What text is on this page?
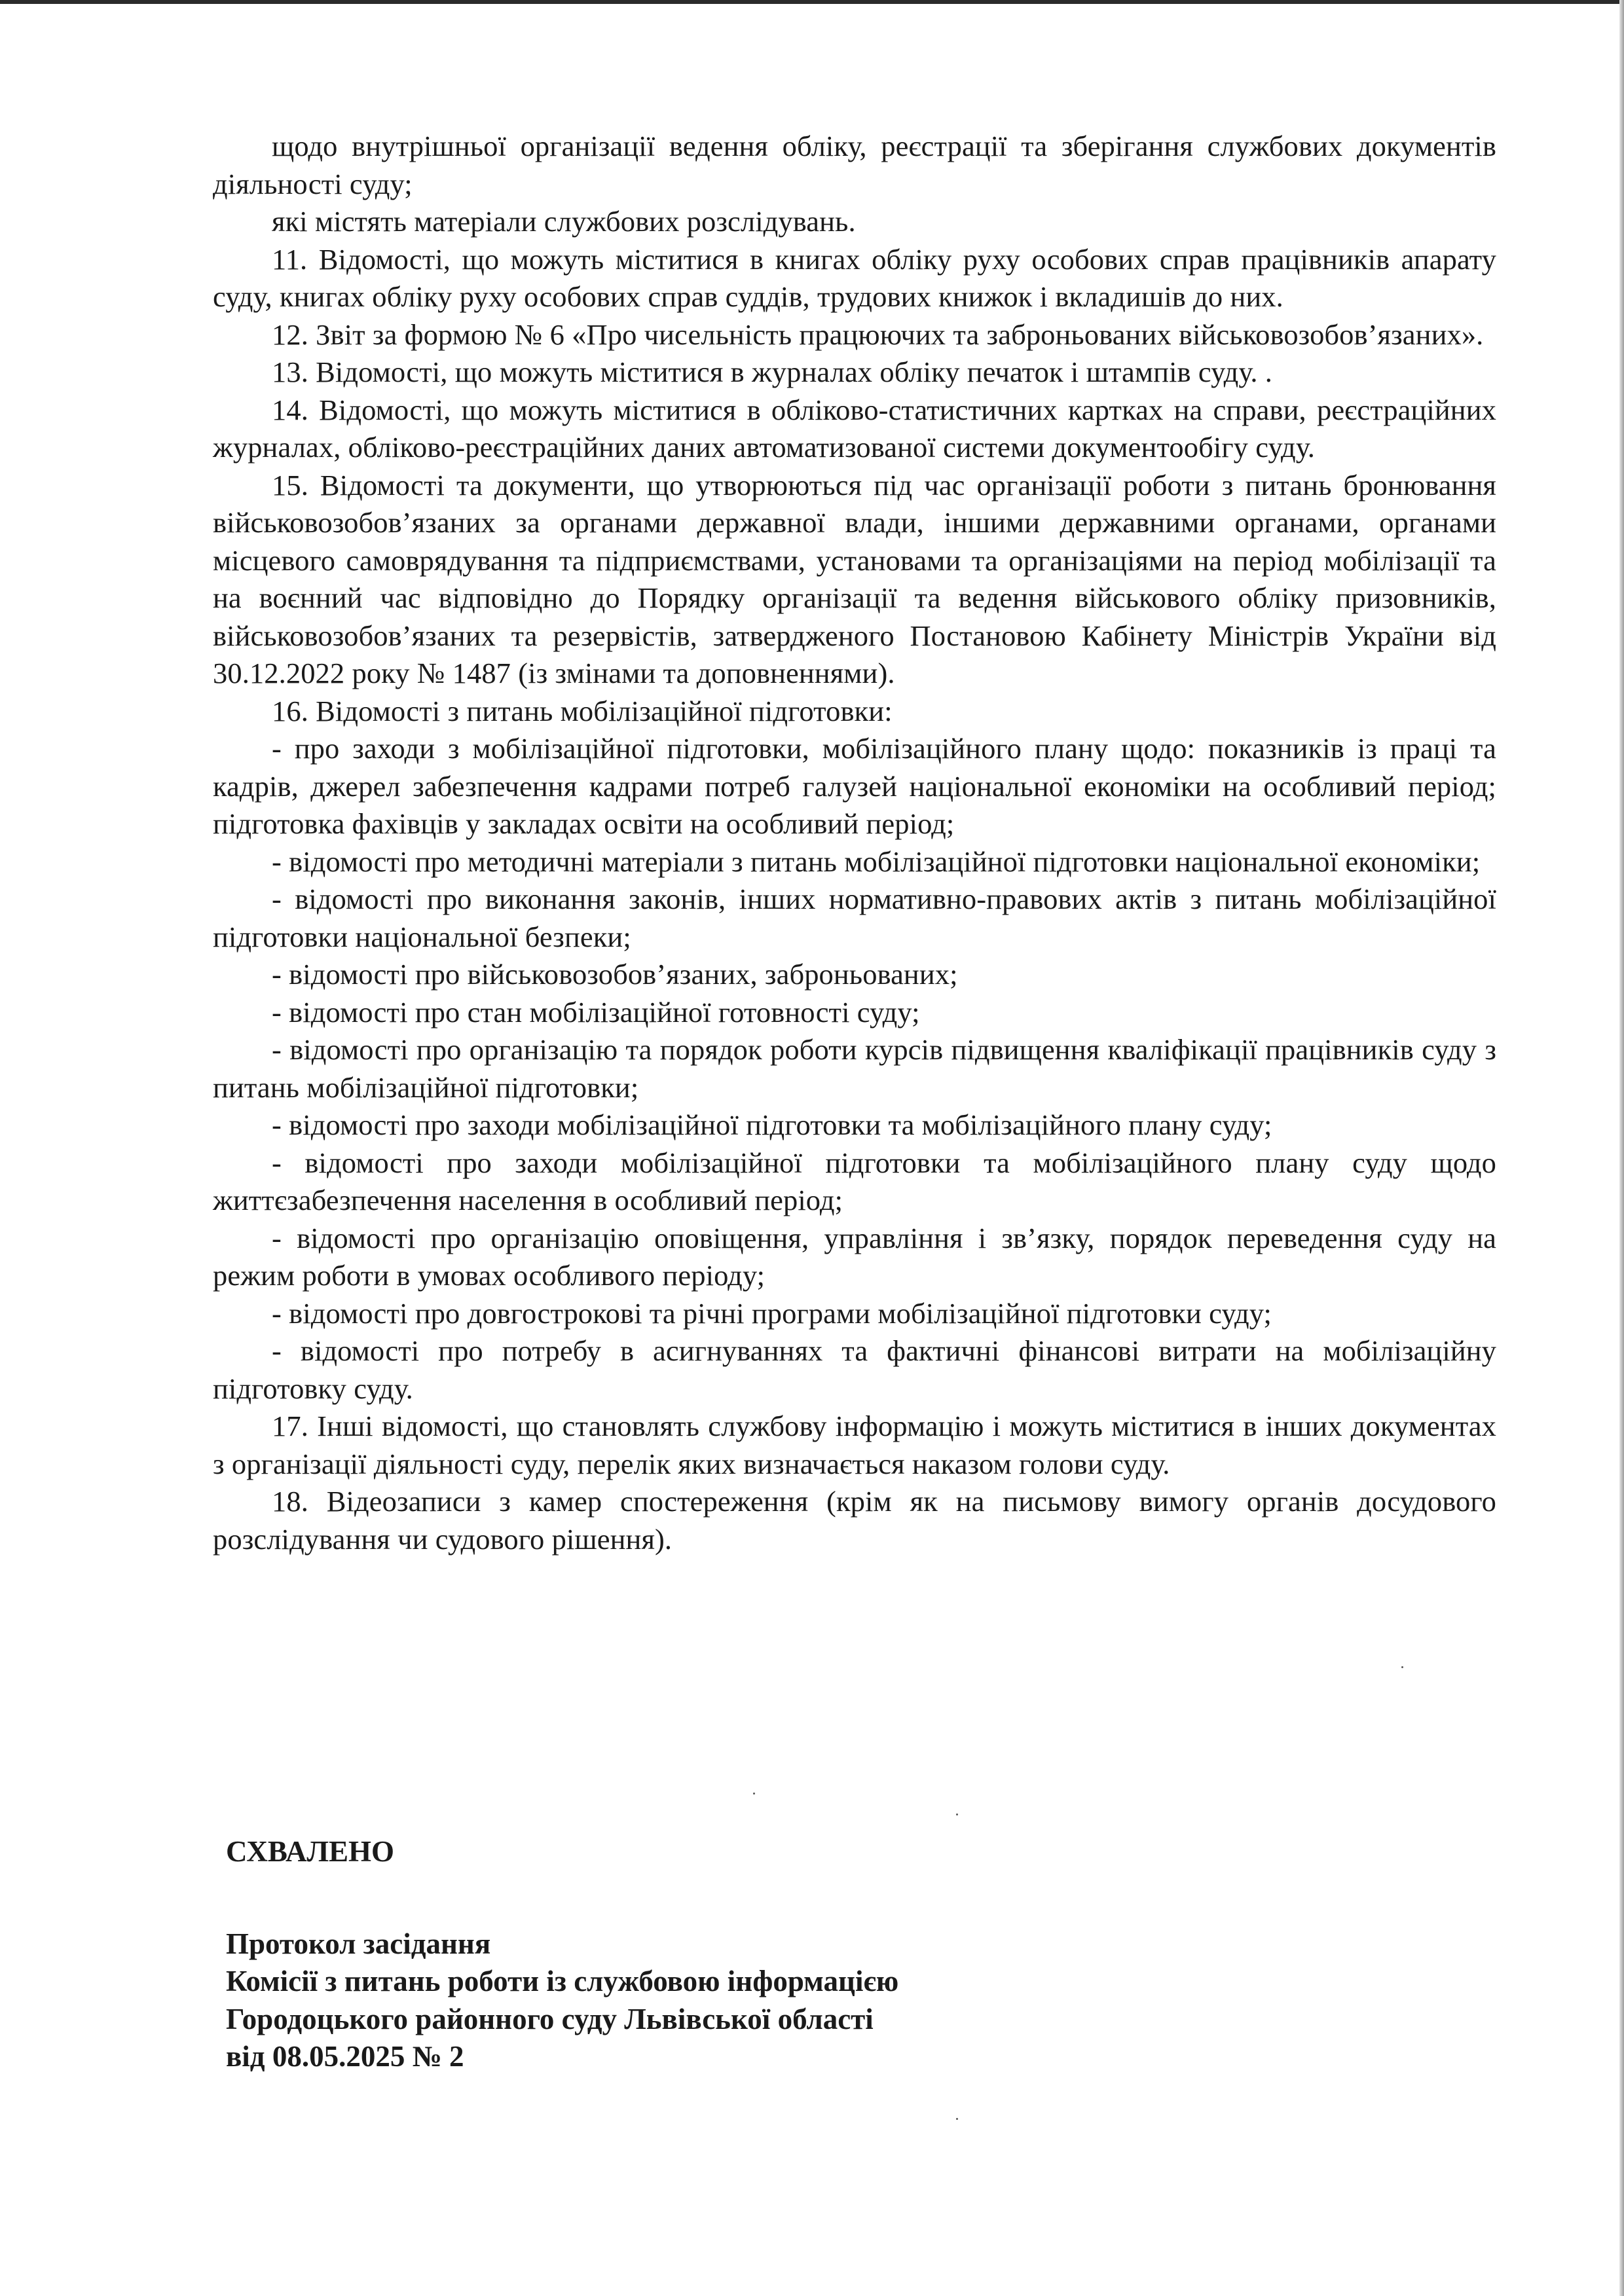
щодо внутрішньої організації ведення обліку, реєстрації та зберігання службових документів діяльності суду;

які містять матеріали службових розслідувань.

11. Відомості, що можуть міститися в книгах обліку руху особових справ працівників апарату суду, книгах обліку руху особових справ суддів, трудових книжок і вкладишів до них.

12. Звіт за формою № 6 «Про чисельність працюючих та заброньованих військовозобов’язаних».

13. Відомості, що можуть міститися в журналах обліку печаток і штампів суду. .

14. Відомості, що можуть міститися в обліково-статистичних картках на справи, реєстраційних журналах, обліково-реєстраційних даних автоматизованої системи документообігу суду.

15. Відомості та документи, що утворюються під час організації роботи з питань бронювання військовозобов’язаних за органами державної влади, іншими державними органами, органами місцевого самоврядування та підприємствами, установами та організаціями на період мобілізації та на воєнний час відповідно до Порядку організації та ведення військового обліку призовників, військовозобов’язаних та резервістів, затвердженого Постановою Кабінету Міністрів України від 30.12.2022 року № 1487 (із змінами та доповненнями).

16. Відомості з питань мобілізаційної підготовки:

- про заходи з мобілізаційної підготовки, мобілізаційного плану щодо: показників із праці та кадрів, джерел забезпечення кадрами потреб галузей національної економіки на особливий період; підготовка фахівців у закладах освіти на особливий період;

- відомості про методичні матеріали з питань мобілізаційної підготовки національної економіки;

- відомості про виконання законів, інших нормативно-правових актів з питань мобілізаційної підготовки національної безпеки;

- відомості про військовозобов’язаних, заброньованих;

- відомості про стан мобілізаційної готовності суду;

- відомості про організацію та порядок роботи курсів підвищення кваліфікації працівників суду з питань мобілізаційної підготовки;

- відомості про заходи мобілізаційної підготовки та мобілізаційного плану суду;

- відомості про заходи мобілізаційної підготовки та мобілізаційного плану суду щодо життєзабезпечення населення в особливий період;

- відомості про організацію оповіщення, управління і зв’язку, порядок переведення суду на режим роботи в умовах особливого періоду;

- відомості про довгострокові та річні програми мобілізаційної підготовки суду;

- відомості про потребу в асигнуваннях та фактичні фінансові витрати на мобілізаційну підготовку суду.

17. Інші відомості, що становлять службову інформацію і можуть міститися в інших документах з організації діяльності суду, перелік яких визначається наказом голови суду.

18. Відеозаписи з камер спостереження (крім як на письмову вимогу органів досудового розслідування чи судового рішення).

СХВАЛЕНО
Протокол засідання
Комісії з питань роботи із службовою інформацією
Городоцького районного суду Львівської області
від 08.05.2025 № 2
